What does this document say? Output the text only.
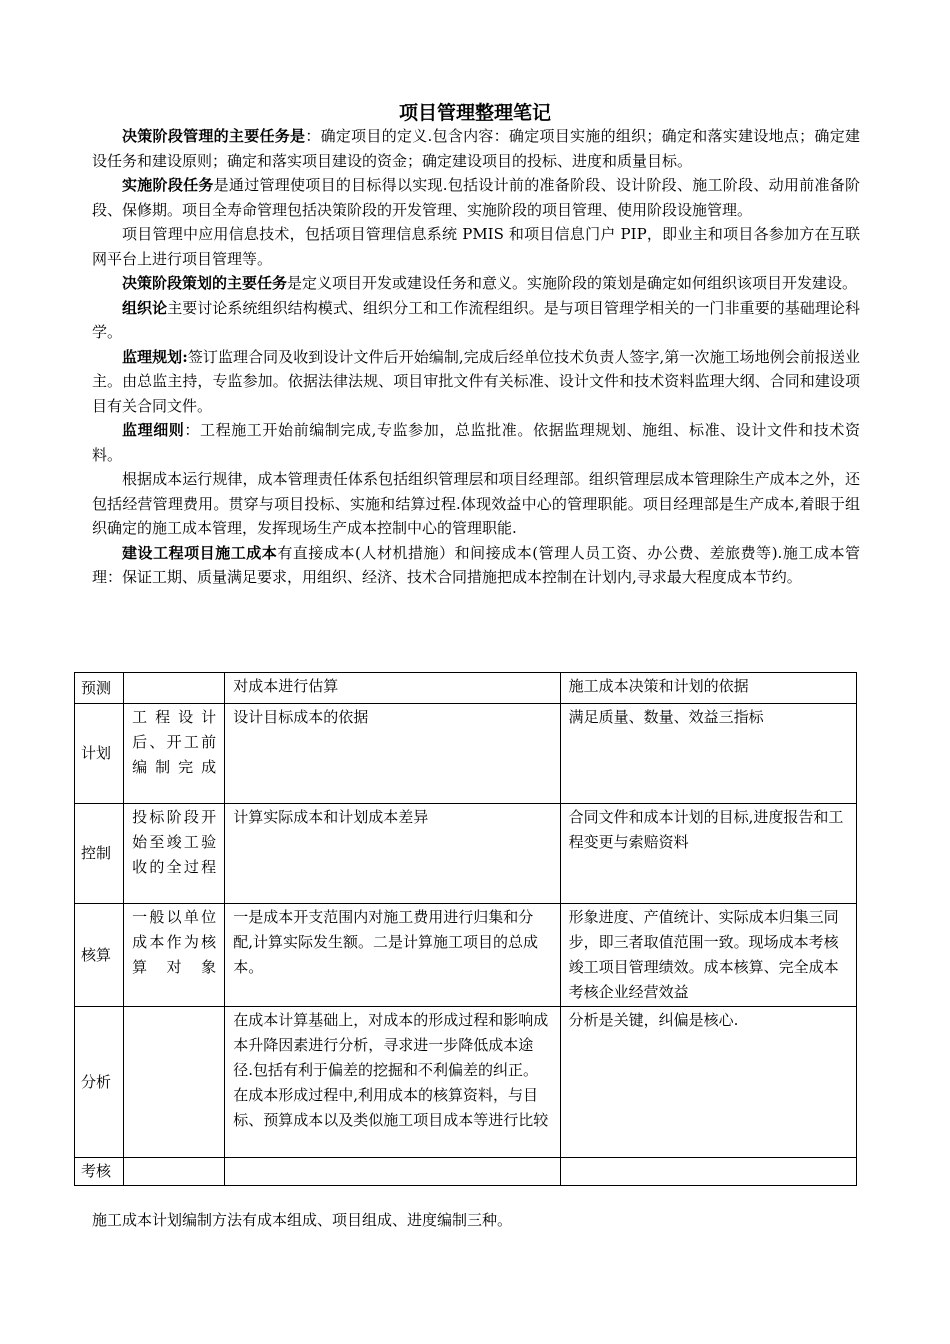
项目管理整理笔记

决策阶段管理的主要任务是：确定项目的定义.包含内容：确定项目实施的组织；确定和落实建设地点；确定建设任务和建设原则；确定和落实项目建设的资金；确定建设项目的投标、进度和质量目标。

实施阶段任务是通过管理使项目的目标得以实现.包括设计前的准备阶段、设计阶段、施工阶段、动用前准备阶段、保修期。项目全寿命管理包括决策阶段的开发管理、实施阶段的项目管理、使用阶段设施管理。

项目管理中应用信息技术，包括项目管理信息系统 PMIS 和项目信息门户 PIP，即业主和项目各参加方在互联网平台上进行项目管理等。

决策阶段策划的主要任务是定义项目开发或建设任务和意义。实施阶段的策划是确定如何组织该项目开发建设。

组织论主要讨论系统组织结构模式、组织分工和工作流程组织。是与项目管理学相关的一门非重要的基础理论科学。

监理规划:签订监理合同及收到设计文件后开始编制,完成后经单位技术负责人签字,第一次施工场地例会前报送业主。由总监主持，专监参加。依据法律法规、项目审批文件有关标准、设计文件和技术资料监理大纲、合同和建设项目有关合同文件。

监理细则：工程施工开始前编制完成,专监参加，总监批准。依据监理规划、施组、标准、设计文件和技术资料。

根据成本运行规律，成本管理责任体系包括组织管理层和项目经理部。组织管理层成本管理除生产成本之外，还包括经营管理费用。贯穿与项目投标、实施和结算过程.体现效益中心的管理职能。项目经理部是生产成本,着眼于组织确定的施工成本管理，发挥现场生产成本控制中心的管理职能.

建设工程项目施工成本有直接成本(人材机措施）和间接成本(管理人员工资、办公费、差旅费等).施工成本管理：保证工期、质量满足要求，用组织、经济、技术合同措施把成本控制在计划内,寻求最大程度成本节约。

预测		对成本进行估算	施工成本决策和计划的依据
计划	工程设计后、开工前编制完成	设计目标成本的依据	满足质量、数量、效益三指标
控制	投标阶段开始至竣工验收的全过程	计算实际成本和计划成本差异	合同文件和成本计划的目标,进度报告和工程变更与索赔资料
核算	一般以单位成本作为核算对象	一是成本开支范围内对施工费用进行归集和分配,计算实际发生额。二是计算施工项目的总成本。	形象进度、产值统计、实际成本归集三同步，即三者取值范围一致。现场成本考核竣工项目管理绩效。成本核算、完全成本考核企业经营效益
分析		在成本计算基础上，对成本的形成过程和影响成本升降因素进行分析，寻求进一步降低成本途径.包括有利于偏差的挖掘和不利偏差的纠正。在成本形成过程中,利用成本的核算资料，与目标、预算成本以及类似施工项目成本等进行比较	分析是关键，纠偏是核心.
考核			
施工成本计划编制方法有成本组成、项目组成、进度编制三种。
